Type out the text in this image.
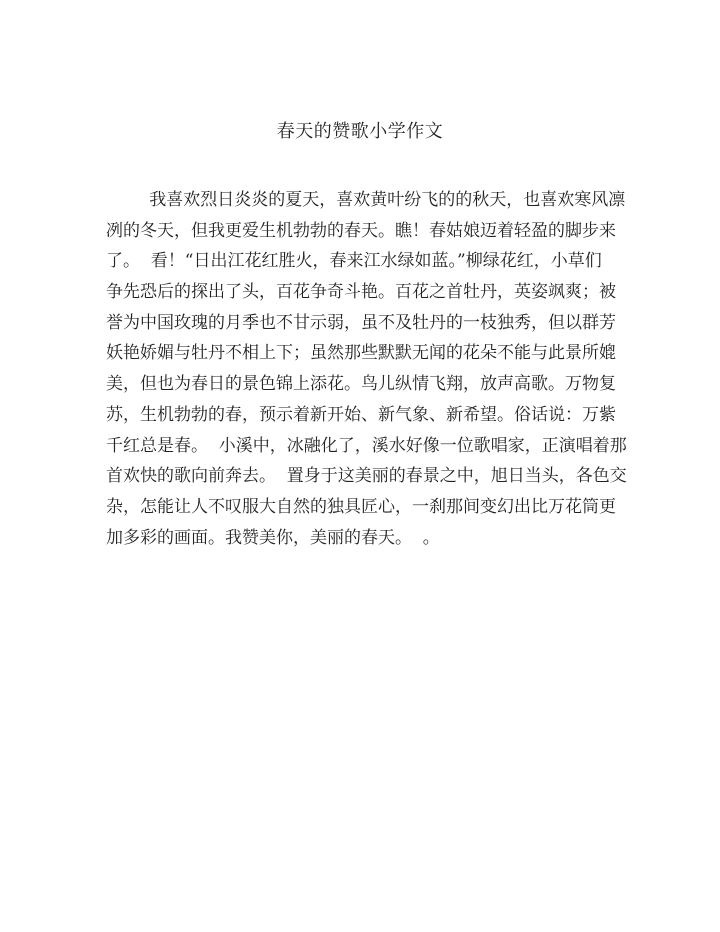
春天的赞歌小学作文
我喜欢烈日炎炎的夏天，喜欢黄叶纷飞的的秋天，也喜欢寒风凛
冽的冬天，但我更爱生机勃勃的春天。瞧！春姑娘迈着轻盈的脚步来
了。  看！“日出江花红胜火，春来江水绿如蓝。”柳绿花红，小草们
争先恐后的探出了头，百花争奇斗艳。百花之首牡丹，英姿飒爽；被
誉为中国玫瑰的月季也不甘示弱，虽不及牡丹的一枝独秀，但以群芳
妖艳娇媚与牡丹不相上下；虽然那些默默无闻的花朵不能与此景所媲
美，但也为春日的景色锦上添花。鸟儿纵情飞翔，放声高歌。万物复
苏，生机勃勃的春，预示着新开始、新气象、新希望。俗话说：万紫
千红总是春。  小溪中，冰融化了，溪水好像一位歌唱家，正演唱着那
首欢快的歌向前奔去。  置身于这美丽的春景之中，旭日当头，各色交
杂，怎能让人不叹服大自然的独具匠心，一刹那间变幻出比万花筒更
加多彩的画面。我赞美你，美丽的春天。  。
